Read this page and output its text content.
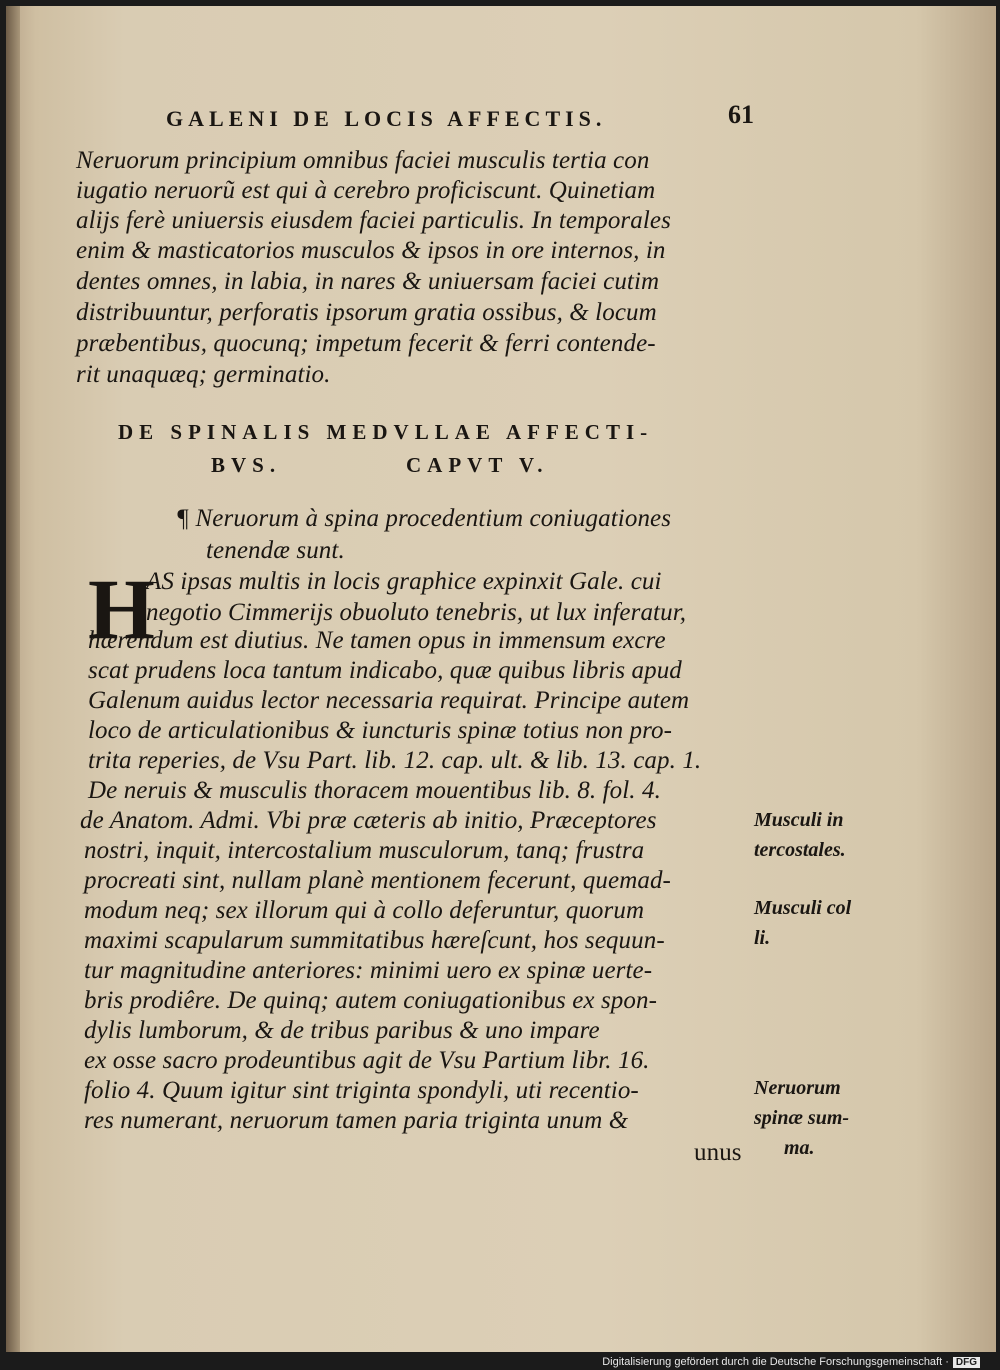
GALENI DE LOCIS AFFECTIS.	61
Neruorum principium omnibus faciei musculis tertia con
iugatio neruorũ est qui à cerebro proficiscunt. Quinetiam
alijs ferè uniuersis eiusdem faciei particulis. In temporales
enim & masticatorios musculos & ipsos in ore internos, in
dentes omnes, in labia, in nares & uniuersam faciei cutim
distribuuntur, perforatis ipsorum gratia ossibus, & locum
præbentibus, quocunq; impetum fecerit & ferri contende-
rit unaquæq; germinatio.
DE SPINALIS MEDVLLAE AFFECTI-
BVS.	CAPVT V.
¶ Neruorum à spina procedentium coniugationes
tenendæ sunt.
H
AS ipsas multis in locis graphice expinxit Gale. cui
negotio Cimmerijs obuoluto tenebris, ut lux inferatur,
hærendum est diutius. Ne tamen opus in immensum excre
scat prudens loca tantum indicabo, quæ quibus libris apud
Galenum auidus lector necessaria requirat. Principe autem
loco de articulationibus & iuncturis spinæ totius non pro-
trita reperies, de Vsu Part. lib. 12. cap. ult. & lib. 13. cap. 1.
De neruis & musculis thoracem mouentibus lib. 8. fol. 4.
de Anatom. Admi. Vbi præ cæteris ab initio, Præceptores
nostri, inquit, intercostalium musculorum, tanq; frustra
procreati sint, nullam planè mentionem fecerunt, quemad-
modum neq; sex illorum qui à collo deferuntur, quorum
maximi scapularum summitatibus hæreſcunt, hos sequun-
tur magnitudine anteriores: minimi uero ex spinæ uerte-
bris prodiêre. De quinq; autem coniugationibus ex spon-
dylis lumborum, & de tribus paribus & uno impare
ex osse sacro prodeuntibus agit de Vsu Partium libr. 16.
folio 4. Quum igitur sint triginta spondyli, uti recentio-
res numerant, neruorum tamen paria triginta unum &
unus
Musculi in
tercostales.
Musculi col
li.
Neruorum
spinæ sum-
ma.
Digitalisierung gefördert durch die Deutsche Forschungsgemeinschaft · DFG
